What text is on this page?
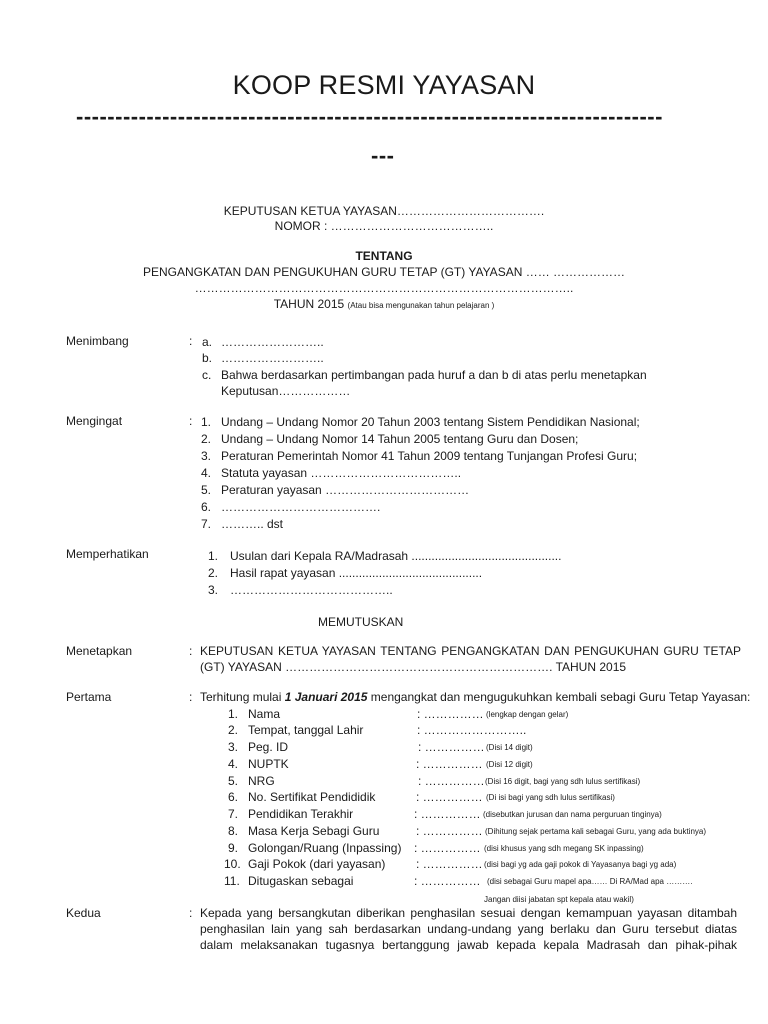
KOOP RESMI YAYASAN
---------------------------------------------------------------------------
---
KEPUTUSAN KETUA YAYASAN……………………………….
NOMOR : …………………………………..
TENTANG
PENGANGKATAN DAN PENGUKUHAN GURU TETAP (GT) YAYASAN …… ………………
…………………………………………………………………………………..
TAHUN 2015 (Atau bisa mengunakan tahun pelajaran )
Menimbang	: a. ……………………..
b. ……………………..
c. Bahwa berdasarkan pertimbangan pada huruf a dan b di atas perlu menetapkan
Keputusan………………
Mengingat	: 1. Undang – Undang Nomor 20 Tahun 2003 tentang Sistem Pendidikan Nasional;
2. Undang – Undang Nomor 14 Tahun 2005 tentang Guru dan Dosen;
3. Peraturan Pemerintah Nomor 41 Tahun 2009 tentang Tunjangan Profesi Guru;
4. Statuta yayasan ………………………………..
5. Peraturan yayasan ………………………………
6. ………………………………….
7. ……….. dst
Memperhatikan	1. Usulan dari Kepala RA/Madrasah .............................................
2. Hasil rapat yayasan ...........................................
3. …………………………………..
MEMUTUSKAN
Menetapkan	: KEPUTUSAN KETUA YAYASAN TENTANG PENGANGKATAN DAN PENGUKUHAN GURU TETAP
(GT) YAYASAN …………………………………………………………. TAHUN 2015
Pertama	: Terhitung mulai 1 Januari 2015 mengangkat dan mengugukuhkan kembali sebagi Guru Tetap Yayasan:
1. Nama	: …………… (lengkap dengan gelar)
2. Tempat, tanggal Lahir	: ……………………..
3. Peg. ID	: …………… (Disi 14 digit)
4. NUPTK	: …………… (Disi 12 digit)
5. NRG	: …………… (Disi 16 digit, bagi yang sdh lulus sertifikasi)
6. No. Sertifikat Pendididik	: …………… (Di isi bagi yang sdh lulus sertifikasi)
7. Pendidikan Terakhir	: …………… (disebutkan jurusan dan nama perguruan tinginya)
8. Masa Kerja Sebagi Guru	: …………… (Dihitung sejak pertama kali sebagai Guru, yang ada buktinya)
9. Golongan/Ruang (Inpassing) : …………… (disi khusus yang sdh megang SK inpassing)
10. Gaji Pokok (dari yayasan)	: …………… (disi bagi yg ada gaji pokok di Yayasanya bagi yg ada)
11. Ditugaskan sebagai	: …………… (disi sebagai Guru mapel apa…… Di RA/Mad apa ……….
Jangan diisi jabatan spt kepala atau wakil)
Kedua	: Kepada yang bersangkutan diberikan penghasilan sesuai dengan kemampuan yayasan ditambah
penghasilan lain yang sah berdasarkan undang-undang yang berlaku dan Guru tersebut diatas
dalam melaksanakan tugasnya bertanggung jawab kepada kepala Madrasah dan pihak-pihak
